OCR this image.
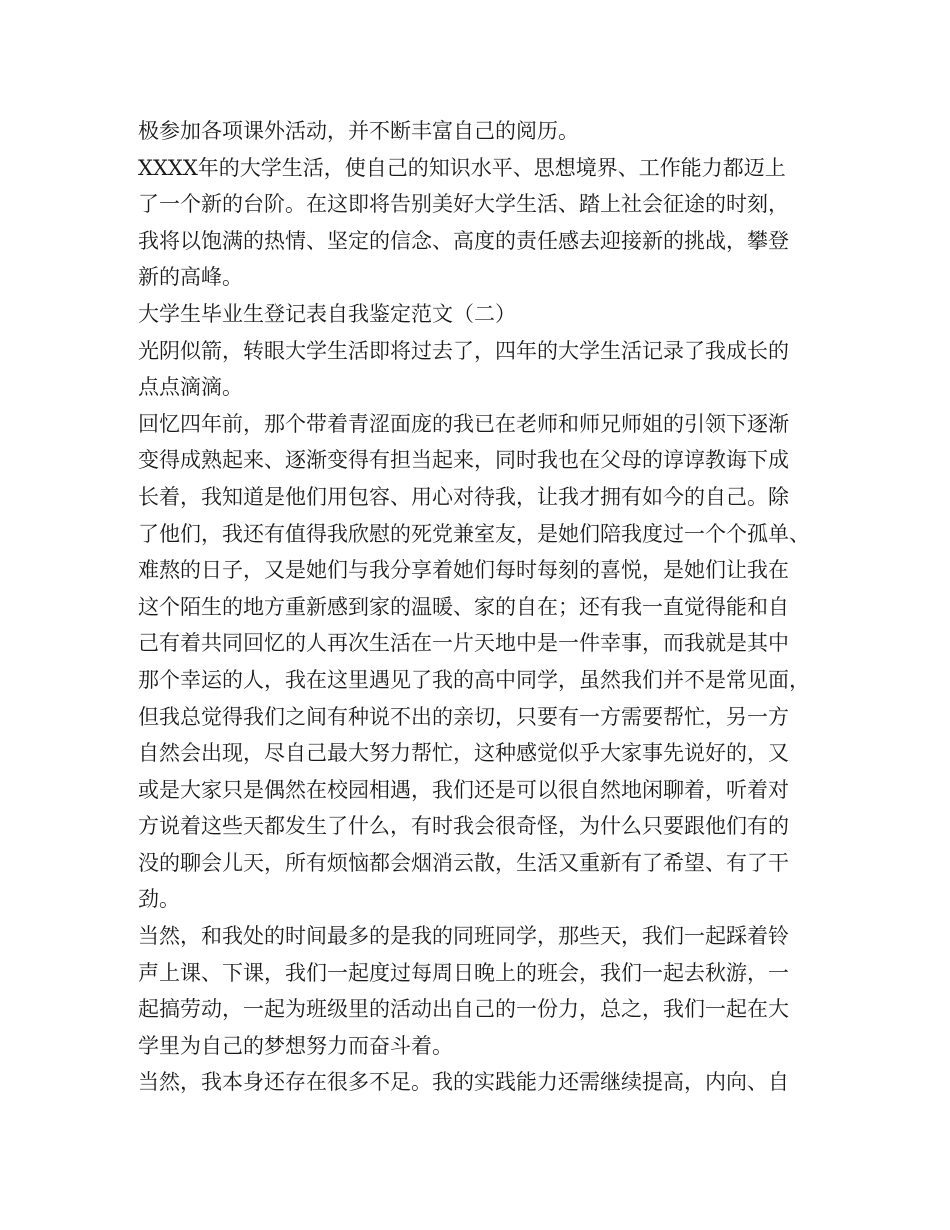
极参加各项课外活动，并不断丰富自己的阅历。
XXXX年的大学生活，使自己的知识水平、思想境界、工作能力都迈上
了一个新的台阶。在这即将告别美好大学生活、踏上社会征途的时刻，
我将以饱满的热情、坚定的信念、高度的责任感去迎接新的挑战，攀登
新的高峰。
大学生毕业生登记表自我鉴定范文（二）
光阴似箭，转眼大学生活即将过去了，四年的大学生活记录了我成长的
点点滴滴。
回忆四年前，那个带着青涩面庞的我已在老师和师兄师姐的引领下逐渐
变得成熟起来、逐渐变得有担当起来，同时我也在父母的谆谆教诲下成
长着，我知道是他们用包容、用心对待我，让我才拥有如今的自己。除
了他们，我还有值得我欣慰的死党兼室友，是她们陪我度过一个个孤单、
难熬的日子，又是她们与我分享着她们每时每刻的喜悦，是她们让我在
这个陌生的地方重新感到家的温暖、家的自在；还有我一直觉得能和自
己有着共同回忆的人再次生活在一片天地中是一件幸事，而我就是其中
那个幸运的人，我在这里遇见了我的高中同学，虽然我们并不是常见面，
但我总觉得我们之间有种说不出的亲切，只要有一方需要帮忙，另一方
自然会出现，尽自己最大努力帮忙，这种感觉似乎大家事先说好的，又
或是大家只是偶然在校园相遇，我们还是可以很自然地闲聊着，听着对
方说着这些天都发生了什么，有时我会很奇怪，为什么只要跟他们有的
没的聊会儿天，所有烦恼都会烟消云散，生活又重新有了希望、有了干
劲。
当然，和我处的时间最多的是我的同班同学，那些天，我们一起踩着铃
声上课、下课，我们一起度过每周日晚上的班会，我们一起去秋游，一
起搞劳动，一起为班级里的活动出自己的一份力，总之，我们一起在大
学里为自己的梦想努力而奋斗着。
当然，我本身还存在很多不足。我的实践能力还需继续提高，内向、自
